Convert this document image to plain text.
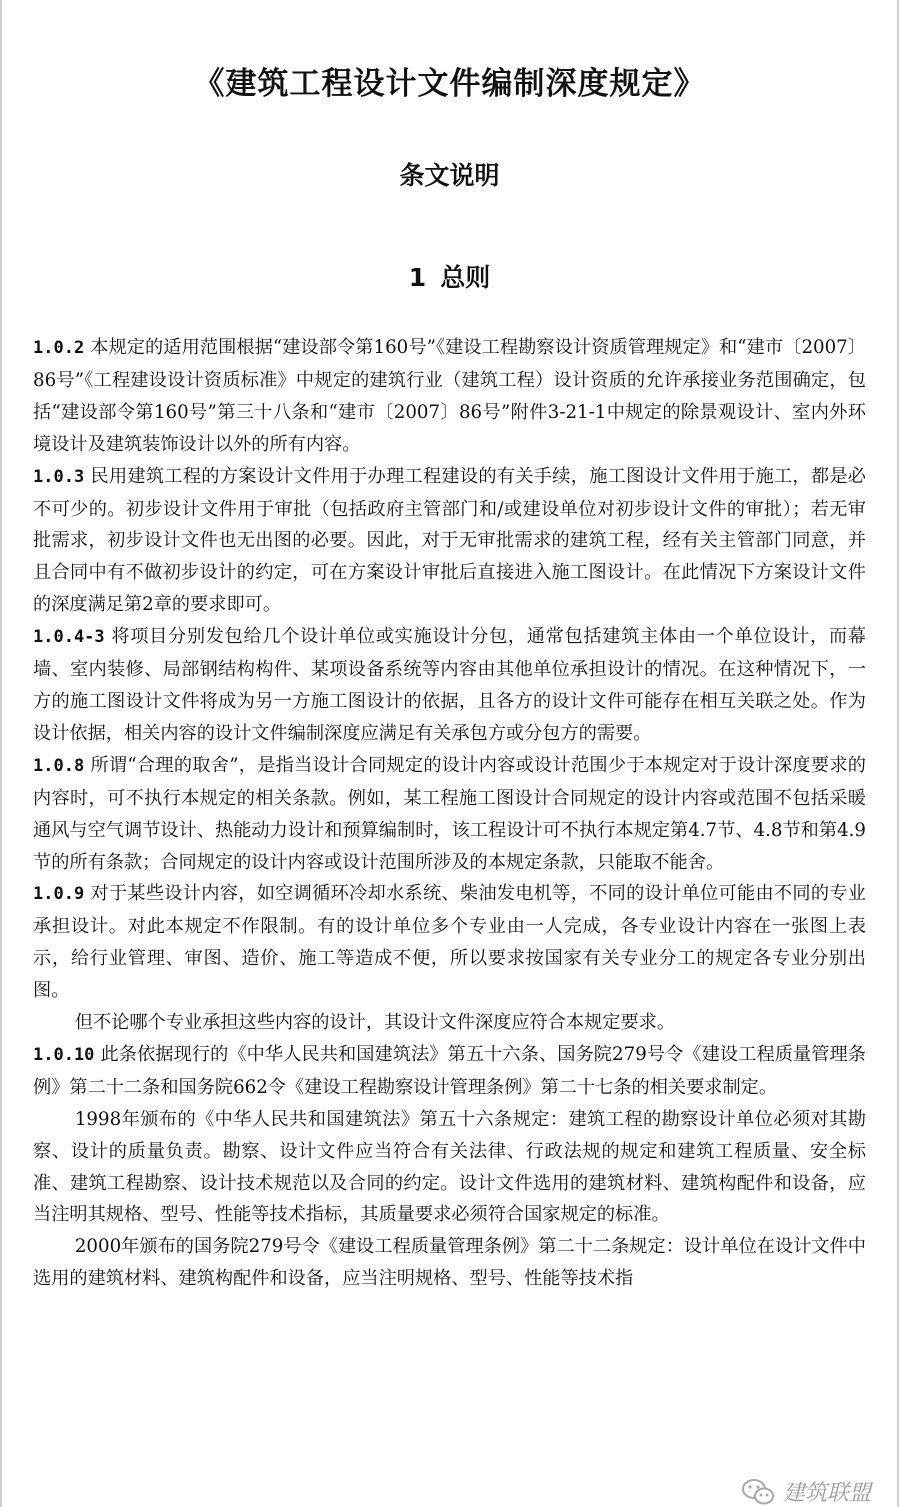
《建筑工程设计文件编制深度规定》
条文说明
1 总则

1.0.2 本规定的适用范围根据“建设部令第160号”《建设工程勘察设计资质管理规定》和“建市〔2007〕86号”《工程建设设计资质标准》中规定的建筑行业（建筑工程）设计资质的允许承接业务范围确定，包括“建设部令第160号”第三十八条和“建市〔2007〕86号”附件3-21-1中规定的除景观设计、室内外环境设计及建筑装饰设计以外的所有内容。

1.0.3 民用建筑工程的方案设计文件用于办理工程建设的有关手续，施工图设计文件用于施工，都是必不可少的。初步设计文件用于审批（包括政府主管部门和/或建设单位对初步设计文件的审批）；若无审批需求，初步设计文件也无出图的必要。因此，对于无审批需求的建筑工程，经有关主管部门同意，并且合同中有不做初步设计的约定，可在方案设计审批后直接进入施工图设计。在此情况下方案设计文件的深度满足第2章的要求即可。

1.0.4-3 将项目分别发包给几个设计单位或实施设计分包，通常包括建筑主体由一个单位设计，而幕墙、室内装修、局部钢结构构件、某项设备系统等内容由其他单位承担设计的情况。在这种情况下，一方的施工图设计文件将成为另一方施工图设计的依据，且各方的设计文件可能存在相互关联之处。作为设计依据，相关内容的设计文件编制深度应满足有关承包方或分包方的需要。

1.0.8 所谓“合理的取舍”，是指当设计合同规定的设计内容或设计范围少于本规定对于设计深度要求的内容时，可不执行本规定的相关条款。例如，某工程施工图设计合同规定的设计内容或范围不包括采暖通风与空气调节设计、热能动力设计和预算编制时，该工程设计可不执行本规定第4.7节、4.8节和第4.9节的所有条款；合同规定的设计内容或设计范围所涉及的本规定条款，只能取不能舍。

1.0.9 对于某些设计内容，如空调循环冷却水系统、柴油发电机等，不同的设计单位可能由不同的专业承担设计。对此本规定不作限制。有的设计单位多个专业由一人完成，各专业设计内容在一张图上表示，给行业管理、审图、造价、施工等造成不便，所以要求按国家有关专业分工的规定各专业分别出图。

但不论哪个专业承担这些内容的设计，其设计文件深度应符合本规定要求。

1.0.10 此条依据现行的《中华人民共和国建筑法》第五十六条、国务院279号令《建设工程质量管理条例》第二十二条和国务院662令《建设工程勘察设计管理条例》第二十七条的相关要求制定。

1998年颁布的《中华人民共和国建筑法》第五十六条规定：建筑工程的勘察设计单位必须对其勘察、设计的质量负责。勘察、设计文件应当符合有关法律、行政法规的规定和建筑工程质量、安全标准、建筑工程勘察、设计技术规范以及合同的约定。设计文件选用的建筑材料、建筑构配件和设备，应当注明其规格、型号、性能等技术指标，其质量要求必须符合国家规定的标准。

2000年颁布的国务院279号令《建设工程质量管理条例》第二十二条规定：设计单位在设计文件中选用的建筑材料、建筑构配件和设备，应当注明规格、型号、性能等技术指

建筑联盟
